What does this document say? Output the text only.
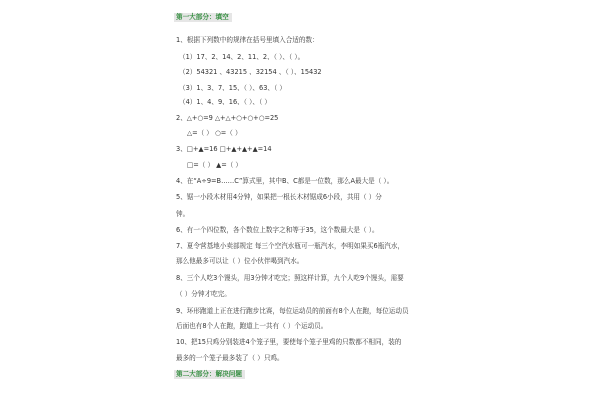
第一大部分：填空
1、根据下列数中的规律在括号里填入合适的数：
（1）17、2、14、2、11、2、（ ）、（ ）。
（2）54321 、43215 、32154 、（ ）、15432
（3）1、3、7、15、（ ）、63、（ ）
（4）1、4、9、16、（ ）、（ ）
2、△+○=9 △+△+○+○+○=25
△=（ ） ○=（ ）
3、□+▲=16 □+▲+▲+▲=14
□=（ ） ▲=（ ）
4、在“A÷9=B……C”算式里，其中B、C都是一位数，那么A最大是（ ）。
5、锯一小段木材用4分钟，如果把一根长木材锯成6小段，共用（ ）分
钟。
6、有一个四位数，各个数位上数字之和等于35，这个数最大是（ ）。
7、夏令营基地小卖部规定 每三个空汽水瓶可一瓶汽水，李明如果买6瓶汽水，
那么他最多可以让（ ）位小伙伴喝到汽水。
8、三个人吃3个馒头，用3分钟才吃完；照这样计算，九个人吃9个馒头，需要
（ ）分钟才吃完。
9、环形跑道上正在进行跑步比赛，每位运动员的前面有8个人在跑，每位运动员
后面也有8个人在跑，跑道上一共有（ ）个运动员。
10、把15只鸡分别装进4个笼子里，要使每个笼子里鸡的只数都不相同，装的
最多的一个笼子最多装了（ ）只鸡。
第二大部分：解决问题
